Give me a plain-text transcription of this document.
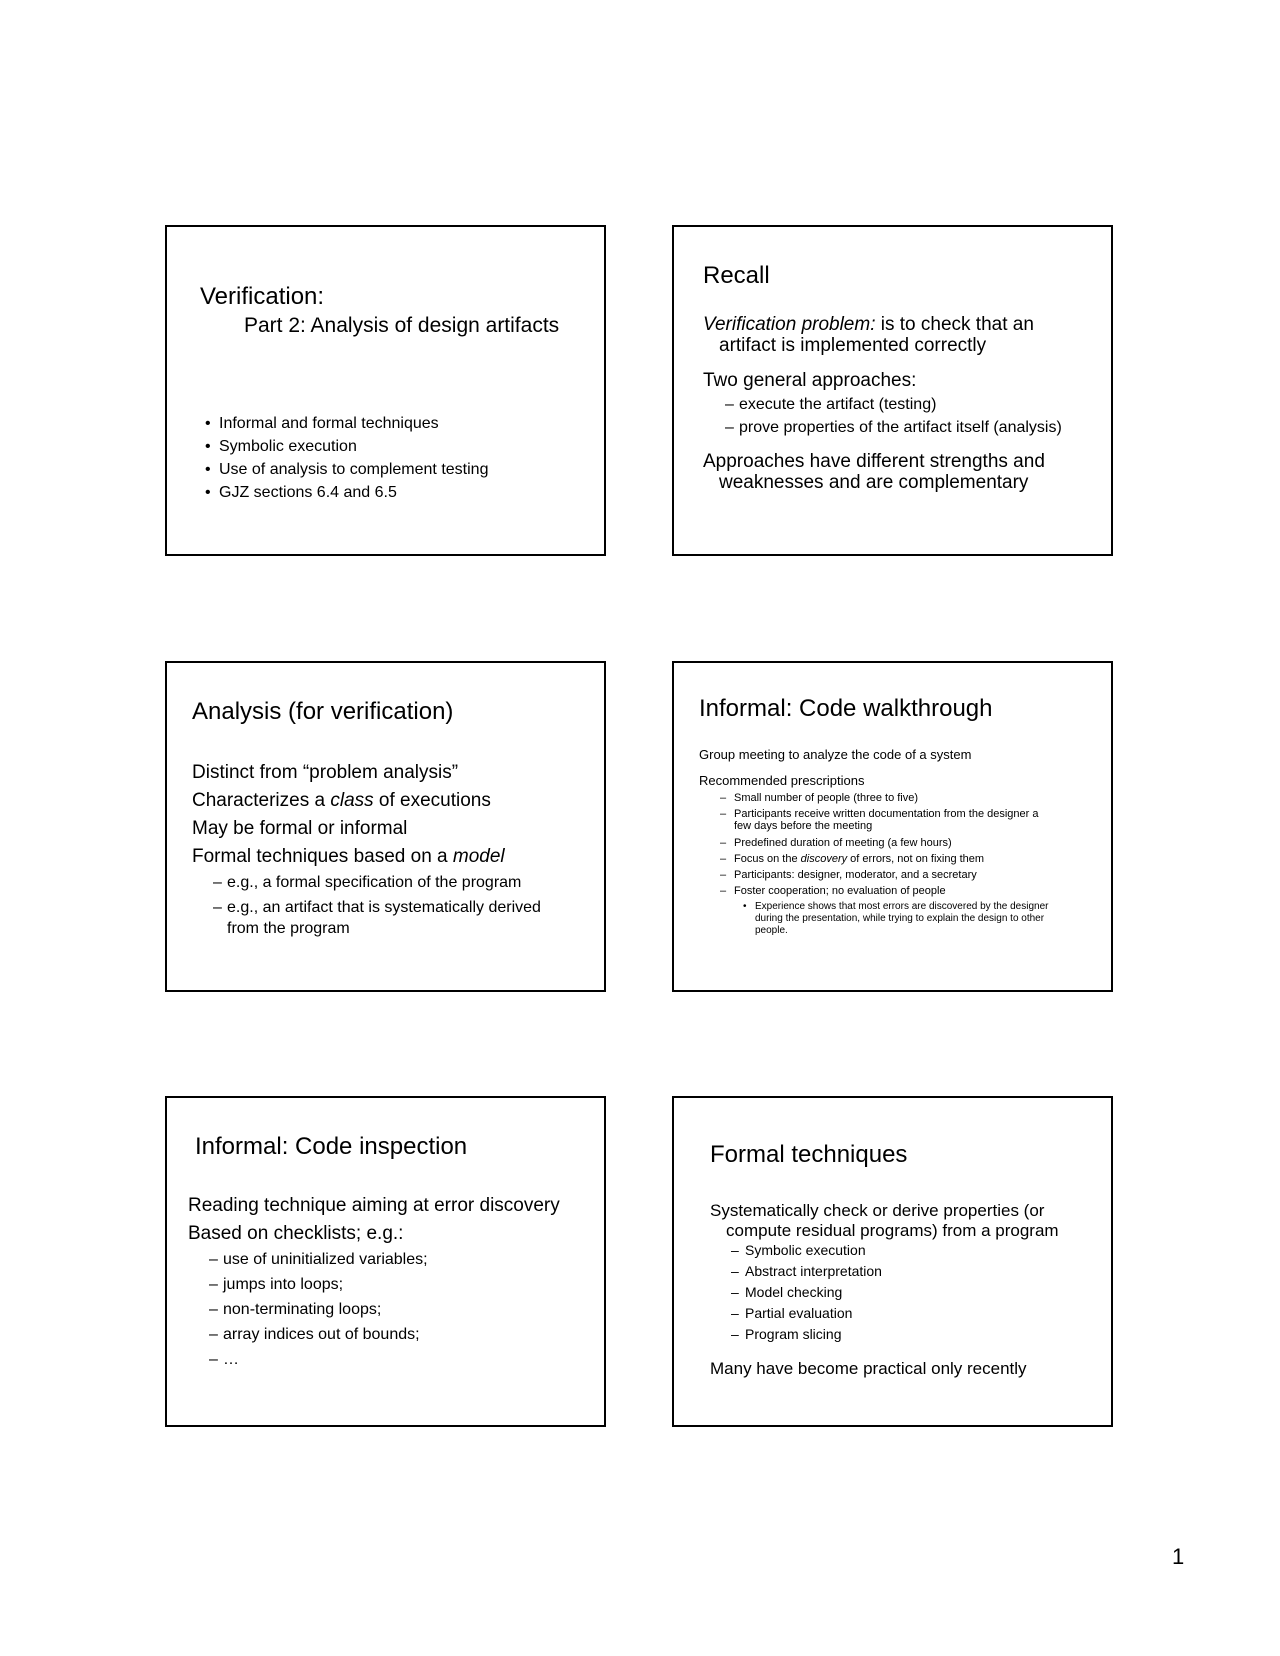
Verification:
Part 2: Analysis of design artifacts
• Informal and formal techniques
• Symbolic execution
• Use of analysis to complement testing
• GJZ sections 6.4 and 6.5
Recall
Verification problem: is to check that an
artifact is implemented correctly
Two general approaches:
– execute the artifact (testing)
– prove properties of the artifact itself (analysis)
Approaches have different strengths and
weaknesses and are complementary
Analysis (for verification)
Distinct from “problem analysis”
Characterizes a class of executions
May be formal or informal
Formal techniques based on a model
– e.g., a formal specification of the program
– e.g., an artifact that is systematically derived
from the program
Informal: Code walkthrough
Group meeting to analyze the code of a system
Recommended prescriptions
– Small number of people (three to five)
– Participants receive written documentation from the designer a
few days before the meeting
– Predefined duration of meeting (a few hours)
– Focus on the discovery of errors, not on fixing them
– Participants: designer, moderator, and a secretary
– Foster cooperation; no evaluation of people
• Experience shows that most errors are discovered by the designer
during the presentation, while trying to explain the design to other
people.
Informal: Code inspection
Reading technique aiming at error discovery
Based on checklists; e.g.:
– use of uninitialized variables;
– jumps into loops;
– non-terminating loops;
– array indices out of bounds;
– …
Formal techniques
Systematically check or derive properties (or
compute residual programs) from a program
– Symbolic execution
– Abstract interpretation
– Model checking
– Partial evaluation
– Program slicing
Many have become practical only recently
1
